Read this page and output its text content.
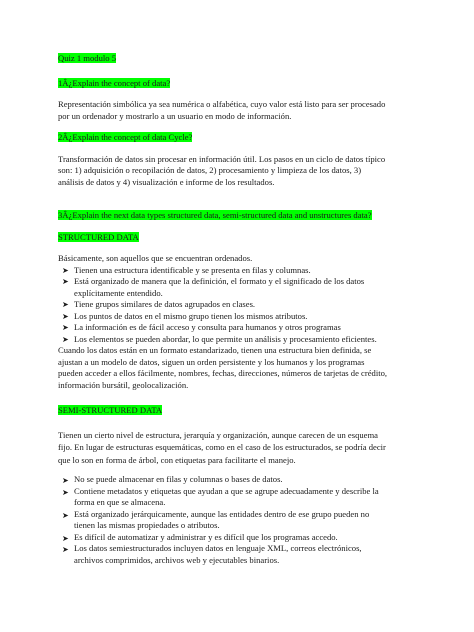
Quiz 1 modulo 5
1Â¿Explain the concept of data?
Representación simbólica ya sea numérica o alfabética, cuyo valor está listo para ser procesado
por un ordenador y mostrarlo a un usuario en modo de información.
2Â¿Explain the concept of data Cycle?
Transformación de datos sin procesar en información útil. Los pasos en un ciclo de datos típico
son: 1) adquisición o recopilación de datos, 2) procesamiento y limpieza de los datos, 3)
análisis de datos y 4) visualización e informe de los resultados.
3Â¿Explain the next data types structured data, semi-structured data and unstructures data?
STRUCTURED DATA
Básicamente, son aquellos que se encuentran ordenados.
➤ Tienen una estructura identificable y se presenta en filas y columnas.
➤ Está organizado de manera que la definición, el formato y el significado de los datos explícitamente entendido.
➤ Tiene grupos similares de datos agrupados en clases.
➤ Los puntos de datos en el mismo grupo tienen los mismos atributos.
➤ La información es de fácil acceso y consulta para humanos y otros programas
➤ Los elementos se pueden abordar, lo que permite un análisis y procesamiento eficientes.
Cuando los datos están en un formato estandarizado, tienen una estructura bien definida, se
ajustan a un modelo de datos, siguen un orden persistente y los humanos y los programas
pueden acceder a ellos fácilmente, nombres, fechas, direcciones, números de tarjetas de crédito,
información bursátil, geolocalización.
SEMI-STRUCTURED DATA
Tienen un cierto nivel de estructura, jerarquía y organización, aunque carecen de un esquema
fijo. En lugar de estructuras esquemáticas, como en el caso de los estructurados, se podría decir
que lo son en forma de árbol, con etiquetas para facilitarte el manejo.
➤ No se puede almacenar en filas y columnas o bases de datos.
➤ Contiene metadatos y etiquetas que ayudan a que se agrupe adecuadamente y describe la
forma en que se almacena.
➤ Está organizado jerárquicamente, aunque las entidades dentro de ese grupo pueden no
tienen las mismas propiedades o atributos.
➤ Es difícil de automatizar y administrar y es difícil que los programas accedo.
➤ Los datos semiestructurados incluyen datos en lenguaje XML, correos electrónicos,
archivos comprimidos, archivos web y ejecutables binarios.
